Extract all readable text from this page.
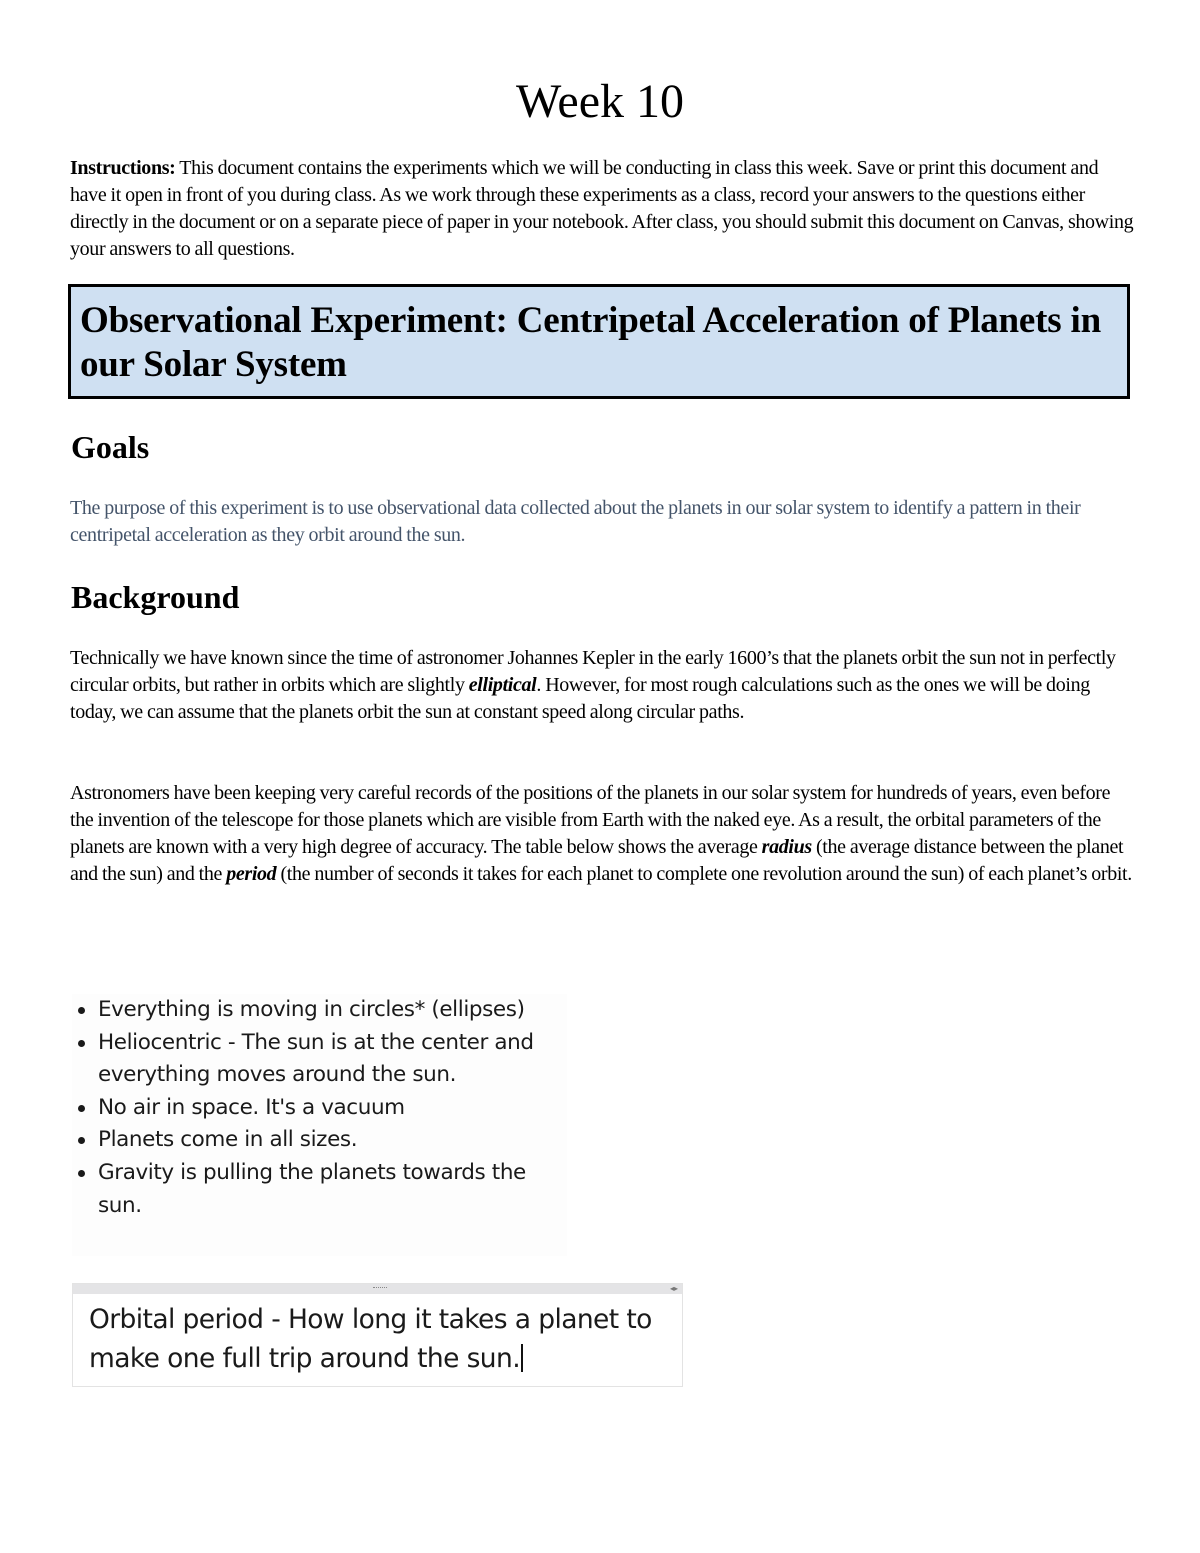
Week 10
Instructions: This document contains the experiments which we will be conducting in class this week. Save or print this document and have it open in front of you during class. As we work through these experiments as a class, record your answers to the questions either directly in the document or on a separate piece of paper in your notebook. After class, you should submit this document on Canvas, showing your answers to all questions.
Observational Experiment: Centripetal Acceleration of Planets in our Solar System
Goals
The purpose of this experiment is to use observational data collected about the planets in our solar system to identify a pattern in their centripetal acceleration as they orbit around the sun.
Background
Technically we have known since the time of astronomer Johannes Kepler in the early 1600’s that the planets orbit the sun not in perfectly circular orbits, but rather in orbits which are slightly elliptical. However, for most rough calculations such as the ones we will be doing today, we can assume that the planets orbit the sun at constant speed along circular paths.
Astronomers have been keeping very careful records of the positions of the planets in our solar system for hundreds of years, even before the invention of the telescope for those planets which are visible from Earth with the naked eye. As a result, the orbital parameters of the planets are known with a very high degree of accuracy. The table below shows the average radius (the average distance between the planet and the sun) and the period (the number of seconds it takes for each planet to complete one revolution around the sun) of each planet’s orbit.
Everything is moving in circles* (ellipses)
Heliocentric - The sun is at the center and everything moves around the sun.
No air in space. It's a vacuum
Planets come in all sizes.
Gravity is pulling the planets towards the sun.
◂▸
Orbital period - How long it takes a planet to make one full trip around the sun.
